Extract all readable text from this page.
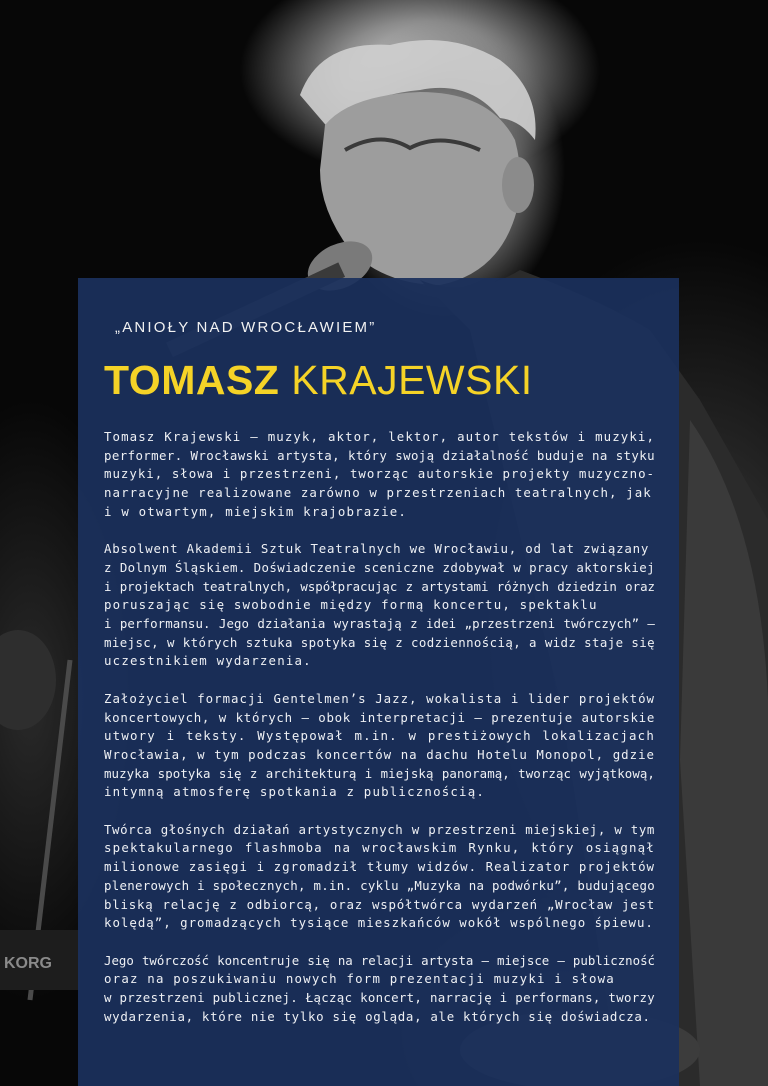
KORG
„ANIOŁY NAD WROCŁAWIEM”
TOMASZ KRAJEWSKI

Tomasz Krajewski – muzyk, aktor, lektor, autor tekstów i muzyki,
performer. Wrocławski artysta, który swoją działalność buduje na styku
muzyki, słowa i przestrzeni, tworząc autorskie projekty muzyczno-
narracyjne realizowane zarówno w przestrzeniach teatralnych, jak
i w otwartym, miejskim krajobrazie.

Absolwent Akademii Sztuk Teatralnych we Wrocławiu, od lat związany
z Dolnym Śląskiem. Doświadczenie sceniczne zdobywał w pracy aktorskiej
i projektach teatralnych, współpracując z artystami różnych dziedzin oraz
poruszając się swobodnie między formą koncertu, spektaklu
i performansu. Jego działania wyrastają z idei „przestrzeni twórczych” –
miejsc, w których sztuka spotyka się z codziennością, a widz staje się
uczestnikiem wydarzenia.

Założyciel formacji Gentelmen’s Jazz, wokalista i lider projektów
koncertowych, w których – obok interpretacji – prezentuje autorskie
utwory i teksty. Występował m.in. w prestiżowych lokalizacjach
Wrocławia, w tym podczas koncertów na dachu Hotelu Monopol, gdzie
muzyka spotyka się z architekturą i miejską panoramą, tworząc wyjątkową,
intymną atmosferę spotkania z publicznością.

Twórca głośnych działań artystycznych w przestrzeni miejskiej, w tym
spektakularnego flashmoba na wrocławskim Rynku, który osiągnął
milionowe zasięgi i zgromadził tłumy widzów. Realizator projektów
plenerowych i społecznych, m.in. cyklu „Muzyka na podwórku”, budującego
bliską relację z odbiorcą, oraz współtwórca wydarzeń „Wrocław jest
kolędą”, gromadzących tysiące mieszkańców wokół wspólnego śpiewu.

Jego twórczość koncentruje się na relacji artysta – miejsce – publiczność
oraz na poszukiwaniu nowych form prezentacji muzyki i słowa
w przestrzeni publicznej. Łącząc koncert, narrację i performans, tworzy
wydarzenia, które nie tylko się ogląda, ale których się doświadcza.
